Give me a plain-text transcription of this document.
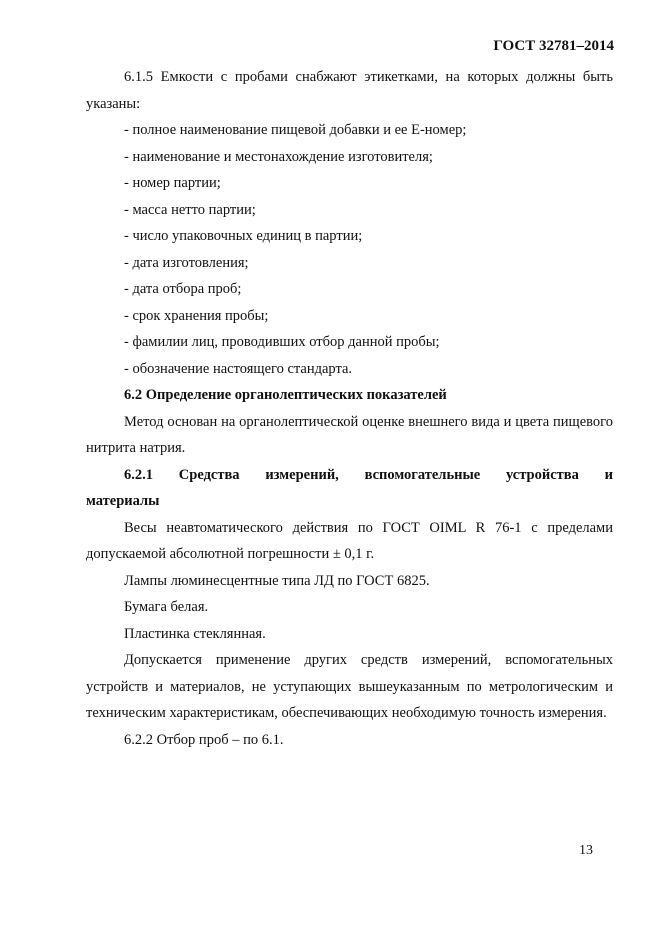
ГОСТ 32781–2014

6.1.5 Емкости с пробами снабжают этикетками, на которых должны быть

указаны:

- полное наименование пищевой добавки и ее Е-номер;

- наименование и местонахождение изготовителя;

- номер партии;

- масса нетто партии;

- число упаковочных единиц в партии;

- дата изготовления;

- дата отбора проб;

- срок хранения пробы;

- фамилии лиц, проводивших отбор данной пробы;

- обозначение настоящего стандарта.

6.2 Определение органолептических показателей

Метод основан на органолептической оценке внешнего вида и цвета пищевого нитрита натрия.

6.2.1 Средства измерений, вспомогательные устройства и

материалы

Весы неавтоматического действия по ГОСТ OIML R 76-1 с пределами допускаемой абсолютной погрешности ± 0,1 г.

Лампы люминесцентные типа ЛД по ГОСТ 6825.

Бумага белая.

Пластинка стеклянная.

Допускается применение других средств измерений, вспомогательных устройств и материалов, не уступающих вышеуказанным по метрологическим и техническим характеристикам, обеспечивающих необходимую точность измерения.

6.2.2 Отбор проб – по 6.1.

13
